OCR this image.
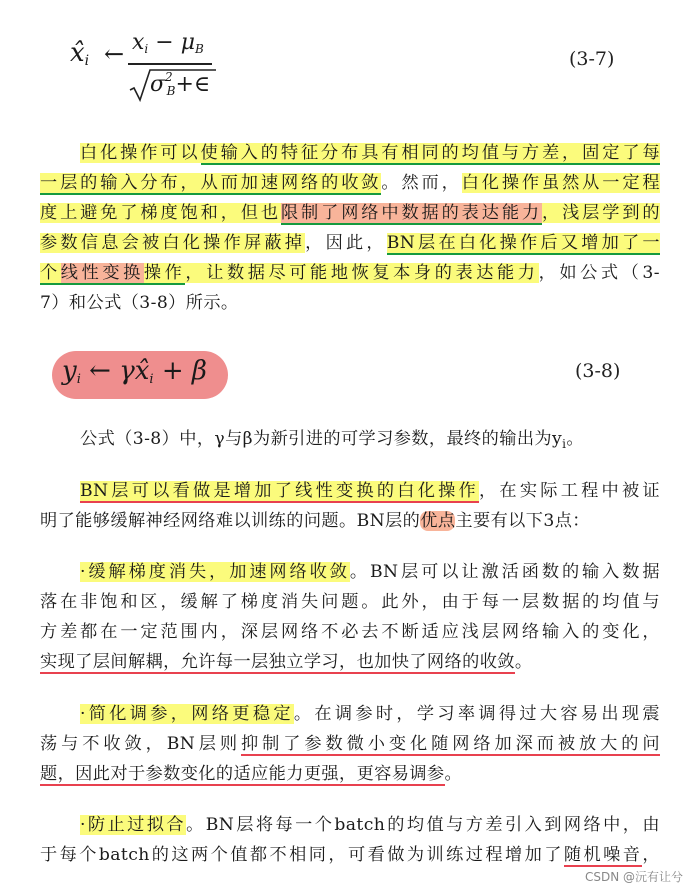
$x̂_i$ ← $x_i - \mu_B$
$\sigma^2_B+\in$
(3-7)
白化操作可以使输入的特征分布具有相同的均值与方差，固定了每
一层的输入分布，从而加速网络的收敛。然而，白化操作虽然从一定程
度上避免了梯度饱和，但也限制了网络中数据的表达能力，浅层学到的
参数信息会被白化操作屏蔽掉，因此，BN层在白化操作后又增加了一
个线性变换操作，让数据尽可能地恢复本身的表达能力，如公式（3-
7）和公式（3-8）所示。
$y_i$ ← $\gamma x̂_i + \beta$	(3-8)
公式（3-8）中，γ与β为新引进的可学习参数，最终的输出为$y_i$。
BN层可以看做是增加了线性变换的白化操作，在实际工程中被证
明了能够缓解神经网络难以训练的问题。BN层的优点主要有以下3点：
·缓解梯度消失，加速网络收敛。BN层可以让激活函数的输入数据
落在非饱和区，缓解了梯度消失问题。此外，由于每一层数据的均值与
方差都在一定范围内，深层网络不必去不断适应浅层网络输入的变化，
实现了层间解耦，允许每一层独立学习，也加快了网络的收敛。
·简化调参，网络更稳定。在调参时，学习率调得过大容易出现震
荡与不收敛，BN层则抑制了参数微小变化随网络加深而被放大的问
题，因此对于参数变化的适应能力更强，更容易调参。
·防止过拟合。BN层将每一个batch的均值与方差引入到网络中，由
于每个batch的这两个值都不相同，可看做为训练过程增加了随机噪音，
CSDN @沅有让兮
